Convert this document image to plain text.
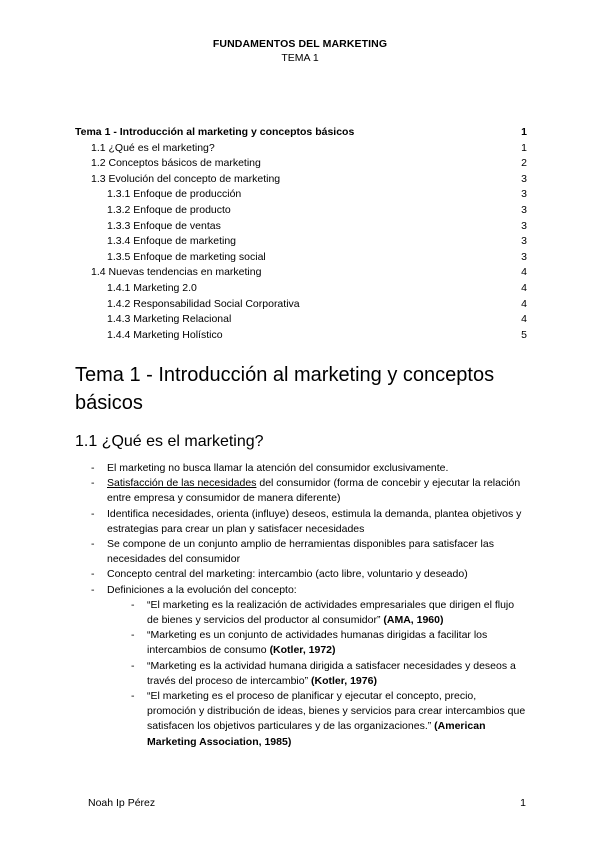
FUNDAMENTOS DEL MARKETING
TEMA 1
Tema 1 - Introducción al marketing y conceptos básicos	1
1.1 ¿Qué es el marketing?	1
1.2 Conceptos básicos de marketing	2
1.3 Evolución del concepto de marketing	3
1.3.1 Enfoque de producción	3
1.3.2 Enfoque de producto	3
1.3.3 Enfoque de ventas	3
1.3.4 Enfoque de marketing	3
1.3.5 Enfoque de marketing social	3
1.4 Nuevas tendencias en marketing	4
1.4.1 Marketing 2.0	4
1.4.2 Responsabilidad Social Corporativa	4
1.4.3 Marketing Relacional	4
1.4.4 Marketing Holístico	5
Tema 1 - Introducción al marketing y conceptos básicos
1.1 ¿Qué es el marketing?
- El marketing no busca llamar la atención del consumidor exclusivamente.
- Satisfacción de las necesidades del consumidor (forma de concebir y ejecutar la relación entre empresa y consumidor de manera diferente)
- Identifica necesidades, orienta (influye) deseos, estimula la demanda, plantea objetivos y estrategias para crear un plan y satisfacer necesidades
- Se compone de un conjunto amplio de herramientas disponibles para satisfacer las necesidades del consumidor
- Concepto central del marketing: intercambio (acto libre, voluntario y deseado)
- Definiciones a la evolución del concepto:
- “El marketing es la realización de actividades empresariales que dirigen el flujo de bienes y servicios del productor al consumidor” (AMA, 1960)
- “Marketing es un conjunto de actividades humanas dirigidas a facilitar los intercambios de consumo (Kotler, 1972)
- “Marketing es la actividad humana dirigida a satisfacer necesidades y deseos a través del proceso de intercambio” (Kotler, 1976)
- “El marketing es el proceso de planificar y ejecutar el concepto, precio, promoción y distribución de ideas, bienes y servicios para crear intercambios que satisfacen los objetivos particulares y de las organizaciones.” (American Marketing Association, 1985)
Noah Ip Pérez	1
